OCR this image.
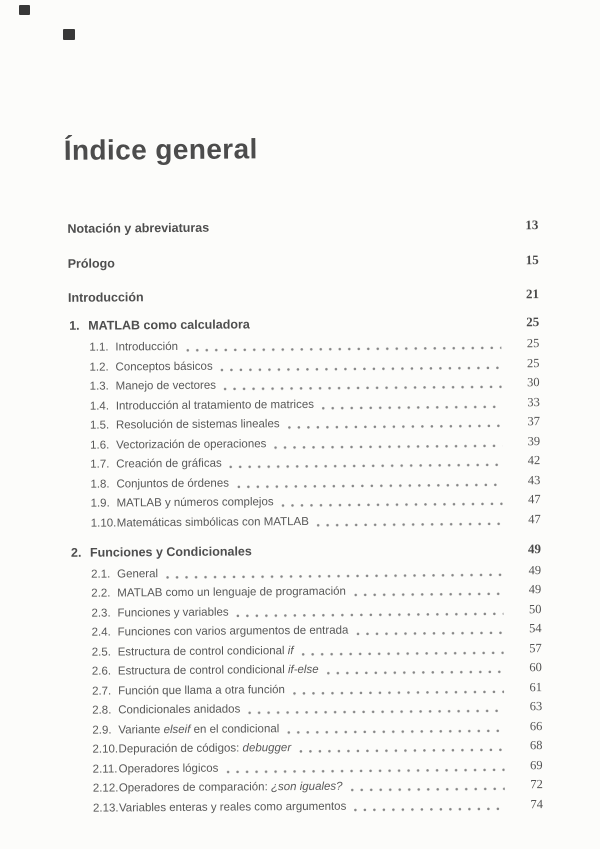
Índice general
Notación y abreviaturas	13
Prólogo	15
Introducción	21
1. MATLAB como calculadora	25
1.1. Introducción	25
1.2. Conceptos básicos	25
1.3. Manejo de vectores	30
1.4. Introducción al tratamiento de matrices	33
1.5. Resolución de sistemas lineales	37
1.6. Vectorización de operaciones	39
1.7. Creación de gráficas	42
1.8. Conjuntos de órdenes	43
1.9. MATLAB y números complejos	47
1.10. Matemáticas simbólicas con MATLAB	47
2. Funciones y Condicionales	49
2.1. General	49
2.2. MATLAB como un lenguaje de programación	49
2.3. Funciones y variables	50
2.4. Funciones con varios argumentos de entrada	54
2.5. Estructura de control condicional if	57
2.6. Estructura de control condicional if-else	60
2.7. Función que llama a otra función	61
2.8. Condicionales anidados	63
2.9. Variante elseif en el condicional	66
2.10. Depuración de códigos: debugger	68
2.11. Operadores lógicos	69
2.12. Operadores de comparación: ¿son iguales?	72
2.13. Variables enteras y reales como argumentos	74
